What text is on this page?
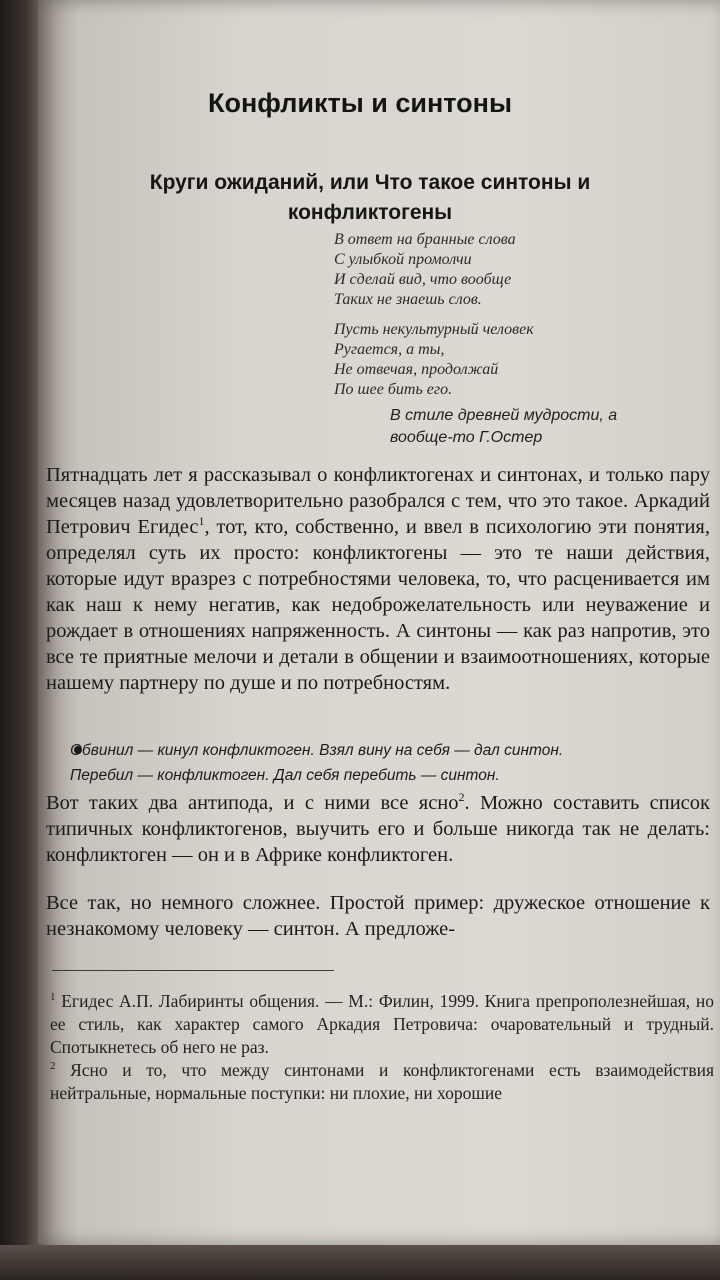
Конфликты и синтоны
Круги ожиданий, или Что такое синтоны и конфликтогены
В ответ на бранные слова
С улыбкой промолчи
И сделай вид, что вообще
Таких не знаешь слов.
Пусть некультурный человек
Ругается, а ты,
Не отвечая, продолжай
По шее бить его.
В стиле древней мудрости, а вообще-то Г.Остер
Пятнадцать лет я рассказывал о конфликтогенах и синтонах, и только пару месяцев назад удовлетворительно разобрался с тем, что это такое. Аркадий Петрович Егидес$^1$, тот, кто, собственно, и ввел в психологию эти понятия, определял суть их просто: конфликтогены — это те наши действия, которые идут вразрез с потребностями человека, то, что расценивается им как наш к нему негатив, как недоброжелательность или неуважение и рождает в отношениях напряженность. А синтоны — как раз напротив, это все те приятные мелочи и детали в общении и взаимоотношениях, которые нашему партнеру по душе и по потребностям.
Обвинил — кинул конфликтоген. Взял вину на себя — дал синтон.
Перебил — конфликтоген. Дал себя перебить — синтон.
Вот таких два антипода, и с ними все ясно$^2$. Можно составить список типичных конфликтогенов, выучить его и больше никогда так не делать: конфликтоген — он и в Африке конфликтоген.
Все так, но немного сложнее. Простой пример: дружеское отношение к незнакомому человеку — синтон. А предложе-

$^1$ Егидес А.П. Лабиринты общения. — М.: Филин, 1999. Книга препрополезнейшая, но ее стиль, как характер самого Аркадия Петровича: очаровательный и трудный. Спотыкнетесь об него не раз.

$^2$ Ясно и то, что между синтонами и конфликтогенами есть взаимодействия нейтральные, нормальные поступки: ни плохие, ни хорошие
